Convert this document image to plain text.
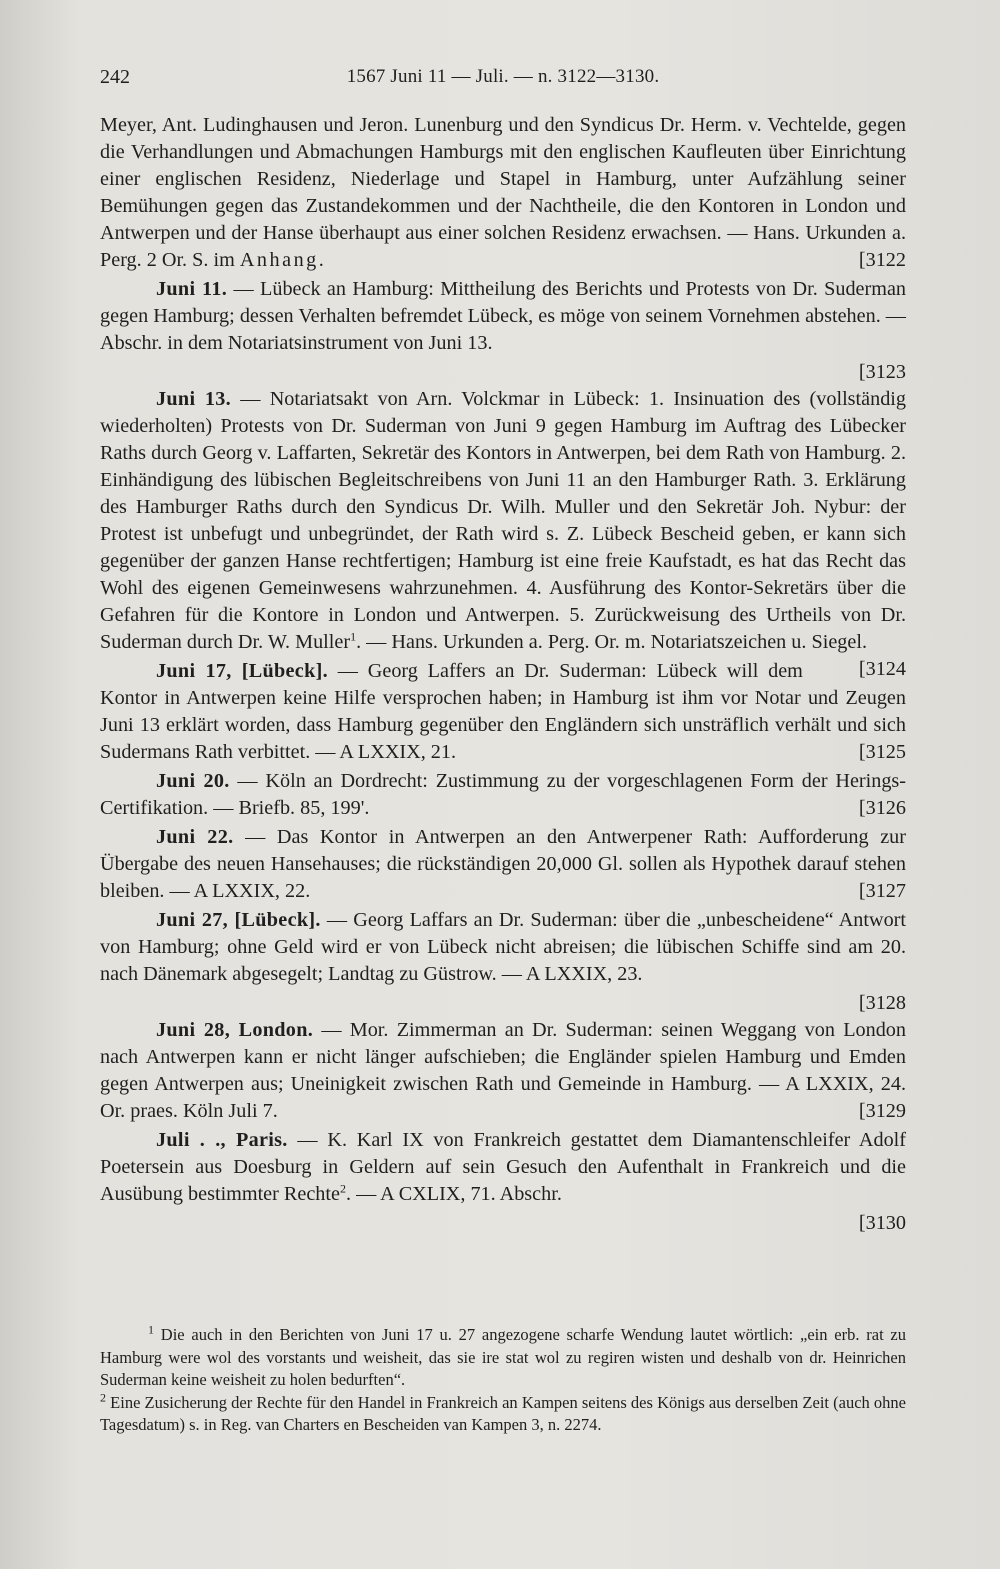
242	1567 Juni 11 — Juli. — n. 3122—3130.

Meyer, Ant. Ludinghausen und Jeron. Lunenburg und den Syndicus Dr. Herm. v. Vechtelde, gegen die Verhandlungen und Abmachungen Hamburgs mit den englischen Kaufleuten über Einrichtung einer englischen Residenz, Niederlage und Stapel in Hamburg, unter Aufzählung seiner Bemühungen gegen das Zustandekommen und der Nachtheile, die den Kontoren in London und Antwerpen und der Hanse überhaupt aus einer solchen Residenz erwachsen. — Hans. Urkunden a. Perg. 2 Or. S. im Anhang.	[3122

Juni 11. — Lübeck an Hamburg: Mittheilung des Berichts und Protests von Dr. Suderman gegen Hamburg; dessen Verhalten befremdet Lübeck, es möge von seinem Vornehmen abstehen. — Abschr. in dem Notariatsinstrument von Juni 13.

[3123

Juni 13. — Notariatsakt von Arn. Volckmar in Lübeck: 1. Insinuation des (vollständig wiederholten) Protests von Dr. Suderman von Juni 9 gegen Hamburg im Auftrag des Lübecker Raths durch Georg v. Laffarten, Sekretär des Kontors in Antwerpen, bei dem Rath von Hamburg. 2. Einhändigung des lübischen Begleitschreibens von Juni 11 an den Hamburger Rath. 3. Erklärung des Hamburger Raths durch den Syndicus Dr. Wilh. Muller und den Sekretär Joh. Nybur: der Protest ist unbefugt und unbegründet, der Rath wird s. Z. Lübeck Bescheid geben, er kann sich gegenüber der ganzen Hanse rechtfertigen; Hamburg ist eine freie Kaufstadt, es hat das Recht das Wohl des eigenen Gemeinwesens wahrzunehmen. 4. Ausführung des Kontor-Sekretärs über die Gefahren für die Kontore in London und Antwerpen. 5. Zurückweisung des Urtheils von Dr. Suderman durch Dr. W. Muller$^1$. — Hans. Urkunden a. Perg. Or. m. Notariatszeichen u. Siegel.
[3124

Juni 17, [Lübeck]. — Georg Laffers an Dr. Suderman: Lübeck will dem Kontor in Antwerpen keine Hilfe versprochen haben; in Hamburg ist ihm vor Notar und Zeugen Juni 13 erklärt worden, dass Hamburg gegenüber den Engländern sich unsträflich verhält und sich Sudermans Rath verbittet. — A LXXIX, 21.	[3125

Juni 20. — Köln an Dordrecht: Zustimmung zu der vorgeschlagenen Form der Herings-Certifikation. — Briefb. 85, 199'.	[3126

Juni 22. — Das Kontor in Antwerpen an den Antwerpener Rath: Aufforderung zur Übergabe des neuen Hansehauses; die rückständigen 20,000 Gl. sollen als Hypothek darauf stehen bleiben. — A LXXIX, 22.	[3127

Juni 27, [Lübeck]. — Georg Laffars an Dr. Suderman: über die „unbescheidene“ Antwort von Hamburg; ohne Geld wird er von Lübeck nicht abreisen; die lübischen Schiffe sind am 20. nach Dänemark abgesegelt; Landtag zu Güstrow. — A LXXIX, 23.

[3128

Juni 28, London. — Mor. Zimmerman an Dr. Suderman: seinen Weggang von London nach Antwerpen kann er nicht länger aufschieben; die Engländer spielen Hamburg und Emden gegen Antwerpen aus; Uneinigkeit zwischen Rath und Gemeinde in Hamburg. — A LXXIX, 24. Or. praes. Köln Juli 7.	[3129

Juli . ., Paris. — K. Karl IX von Frankreich gestattet dem Diamantenschleifer Adolf Poetersein aus Doesburg in Geldern auf sein Gesuch den Aufenthalt in Frankreich und die Ausübung bestimmter Rechte$^2$. — A CXLIX, 71. Abschr.

[3130

$^1$ Die auch in den Berichten von Juni 17 u. 27 angezogene scharfe Wendung lautet wörtlich: „ein erb. rat zu Hamburg were wol des vorstants und weisheit, das sie ire stat wol zu regiren wisten und deshalb von dr. Heinrichen Suderman keine weisheit zu holen bedurften“.

$^2$ Eine Zusicherung der Rechte für den Handel in Frankreich an Kampen seitens des Königs aus derselben Zeit (auch ohne Tagesdatum) s. in Reg. van Charters en Bescheiden van Kampen 3, n. 2274.
